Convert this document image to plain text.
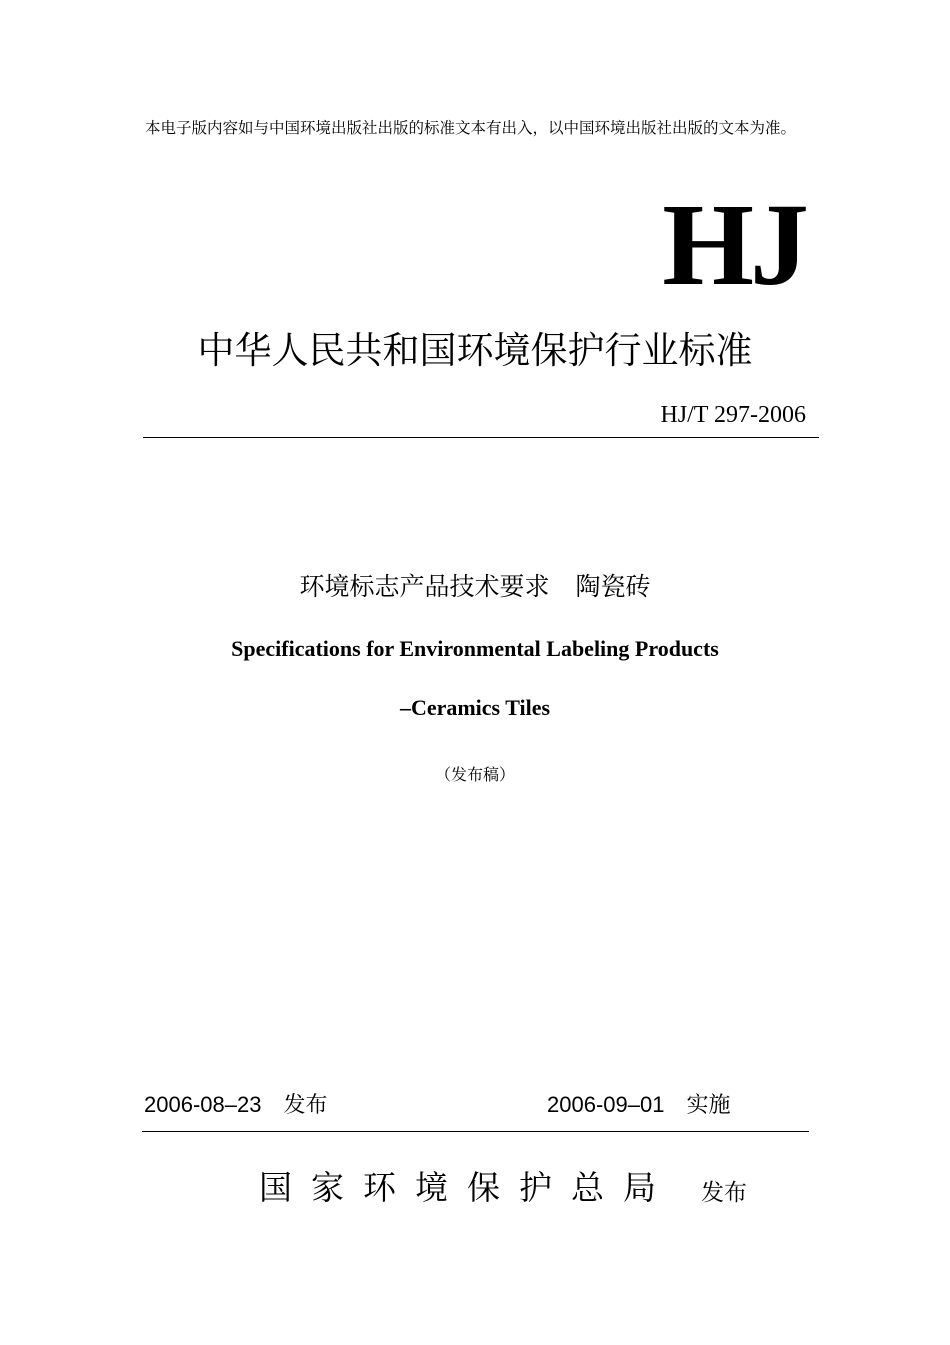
本电子版内容如与中国环境出版社出版的标准文本有出入，以中国环境出版社出版的文本为准。
HJ
中华人民共和国环境保护行业标准
HJ/T 297-2006
环境标志产品技术要求 陶瓷砖
Specifications for Environmental Labeling Products
–Ceramics Tiles
（发布稿）
2006-08–23 发布	2006-09–01 实施
国家环境保护总局 发布
